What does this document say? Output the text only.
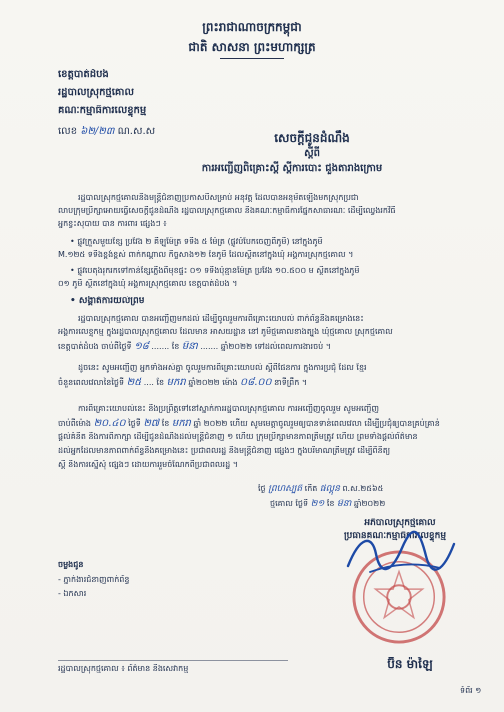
ព្រះរាជាណាចក្រកម្ពុជា
ជាតិ សាសនា ព្រះមហាក្សត្រ
ខេត្តបាត់ដំបង
រដ្ឋបាលស្រុកថ្មគោល
គណៈកម្មាធិការលេខ្ទុកម្ម
លេខ ៦២/២៣ ណ.ស.ស	សេចក្ដីជូនដំណឹង
ស្ដីពី
ការអញ្ជើញពិគ្រោះស្ដី ស្ដីការបោះ ជួងតារាងក្រោម
រដ្ឋបាលស្រុកថ្មគោលនិងមន្ត្រីជំនាញប្រកាសបីសម្រាប់ អនុវត្ត ដែលបានអនុម័តឡើងមកស្រុកប្រជា
លាបក្រុមប្រឹក្សាអោយធ្វើសេចក្ដីជូនដំណឹង រដ្ឋបាលស្រុកថ្មគោល និងគណៈកម្មាធិការផ្នែកសាធារណៈ ដើម្បីឈ្វេងរកវិធី
អ្នកខ្វះសុបាយ បាន ការពារ ផ្សេងៗ ៖
• ផ្លូវក្រួសមួយខ្សែ ប្រវែង ២ គីឡូម៉ែត្រ ទទឹង ៥ ម៉ែត្រ (ផ្លូវបំបែកចេញពីភូមិ) នៅក្នុងភូមិ
M.១២៥ ទទឹងខ្ពង់ខ្ពស់ ពាក់កណ្ដាល កិច្ចសាង១២ នៃភូមិ ដែលស្ថិតនៅក្នុងឃុំ អង្គការស្រុកថ្មគោល ។
• ផ្លូវបេតុងរុករកទៅកាន់ខ្សែភ្លើងពីមុខផ្ទះ ០១ ទទឹងប៉ុន្មានម៉ែត្រ ប្រវែង ១០.៥០០ ម ស្ថិតនៅក្នុងភូមិ
០១ ភូមិ ស្ថិតនៅក្នុងឃុំ អង្គការស្រុកថ្មគោល ខេត្តបាត់ដំបង ។
• សង្គាត់ការយល់ព្រម
រដ្ឋបាលស្រុកថ្មគោល បានអញ្ជើញមកដល់ ដើម្បីចូលរួមការពិគ្រោះយោបល់ ពាក់ព័ន្ធនឹងគម្រោងនេះ
អង្គការលេខ្ទុកម្ម ក្នុងរដ្ឋបាលស្រុកថ្មគោល ដែលមាន អាសយដ្ឋាន នៅ ភូមិថ្មគោលខាងត្បូង ឃុំថ្មគោល ស្រុកថ្មគោល
ខេត្តបាត់ដំបង ចាប់ពីថ្ងៃទី ១៨ ....... ខែ មីនា ....... ឆ្នាំ២០២២ ទៅដល់ពេលការងារចប់ ។
ដូចនេះ សូមអញ្ជើញ អ្នកទាំងអស់គ្នា ចូលរួមការពិគ្រោះយោបល់ ស្ដីពីផែនការ ក្នុងការប្រជុំ ដែល ខ្មែរ
ចំនួនពេលវេលានៃថ្ងៃទី ២៥ .... ខែ មករា ឆ្នាំ២០២២ ម៉ោង ០៨.០០ នាទីព្រឹក ។
ការពិគ្រោះយោបល់នេះ នឹងប្រព្រឹត្តទៅនៅស្នាក់ការរដ្ឋបាលស្រុកថ្មគោល ការអញ្ជើញចូលរួម សូមអញ្ជើញ
ចាប់ពីម៉ោង ២០.៤០ ថ្ងៃទី ២៧ ខែ មករា ឆ្នាំ ២០២២ ហើយ សូមមេត្តាចូលរួមឲ្យបានទាន់ពេលវេលា ដើម្បីប្រជុំឲ្យបានគ្រប់គ្រាន់
ផ្តល់គំនិត និងការពិភាក្សា ដើម្បីជូនដំណឹងដល់មន្ត្រីជំនាញ ១ ហើយ ក្រុមប្រឹក្សាមានភាពត្រឹមត្រូវ ហើយ ព្រមទាំងផ្តល់ព័ត៌មាន
ដល់អ្នកដែលមានភាពពាក់ព័ន្ធនឹងគម្រោងនេះ ប្រជាពលរដ្ឋ និងមន្ត្រីជំនាញ ផ្សេងៗ ក្នុងបរិមាណត្រឹមត្រូវ ដើម្បីពិនិត្យ
ស្ដី និងការស្នើសុំ ផ្សេងៗ ដោយការរួមចំណែកពីប្រជាពលរដ្ឋ ។
ថ្ងៃ ព្រហស្បតិ៍ កើត ផល្គុន ព.ស.២៥៦៥
ថ្មគោល ថ្ងៃទី ២១ ខែ មីនា ឆ្នាំ២០២២
អភិបាលស្រុកថ្មគោល
ប្រធានគណៈកម្មាធិការលេខ្ទុកម្ម
ប៊ិន ម៉ាឡៃ
ចម្លងជូន
- ភ្នាក់ងារជំនាញពាក់ព័ន្ធ
- ឯកសារ
រដ្ឋបាលស្រុកថ្មគោល ៖ ព័ត៌មាន និងសេវាកម្ម
ទំព័រ ១
